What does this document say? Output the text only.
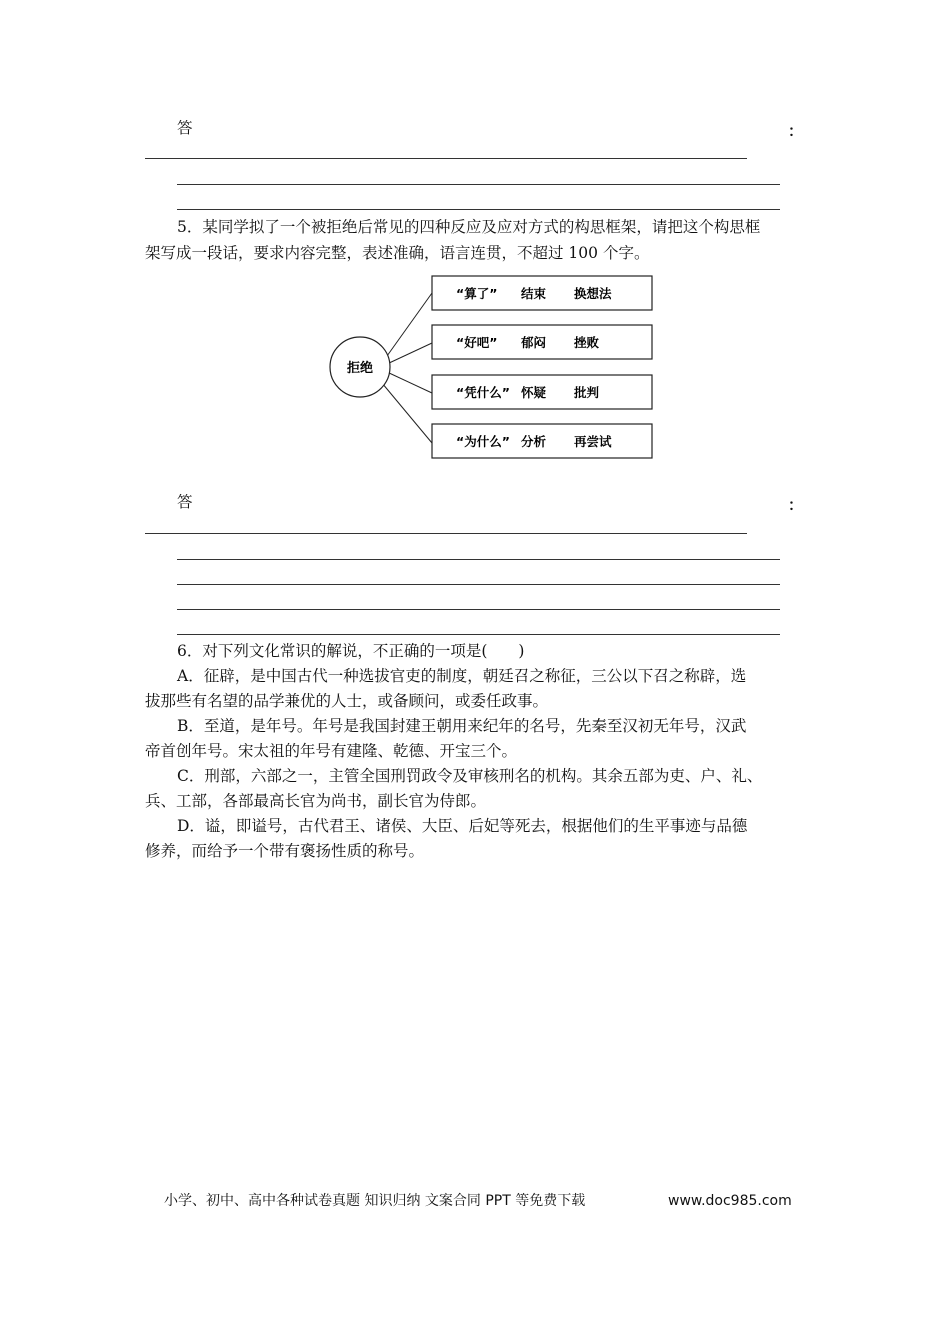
答	：
5．某同学拟了一个被拒绝后常见的四种反应及应对方式的构思框架，请把这个构思框
架写成一段话，要求内容完整，表述准确，语言连贯，不超过 100 个字。
拒绝
“算了” 结束 换想法
“好吧” 郁闷 挫败
“凭什么” 怀疑 批判
“为什么” 分析 再尝试
答	：
6．对下列文化常识的解说，不正确的一项是(　　)
A．征辟，是中国古代一种选拔官吏的制度，朝廷召之称征，三公以下召之称辟，选
拔那些有名望的品学兼优的人士，或备顾问，或委任政事。
B．至道，是年号。年号是我国封建王朝用来纪年的名号，先秦至汉初无年号，汉武
帝首创年号。宋太祖的年号有建隆、乾德、开宝三个。
C．刑部，六部之一，主管全国刑罚政令及审核刑名的机构。其余五部为吏、户、礼、
兵、工部，各部最高长官为尚书，副长官为侍郎。
D．谥，即谥号，古代君王、诸侯、大臣、后妃等死去，根据他们的生平事迹与品德
修养，而给予一个带有褒扬性质的称号。
小学、初中、高中各种试卷真题 知识归纳 文案合同 PPT 等免费下载	www.doc985.com
